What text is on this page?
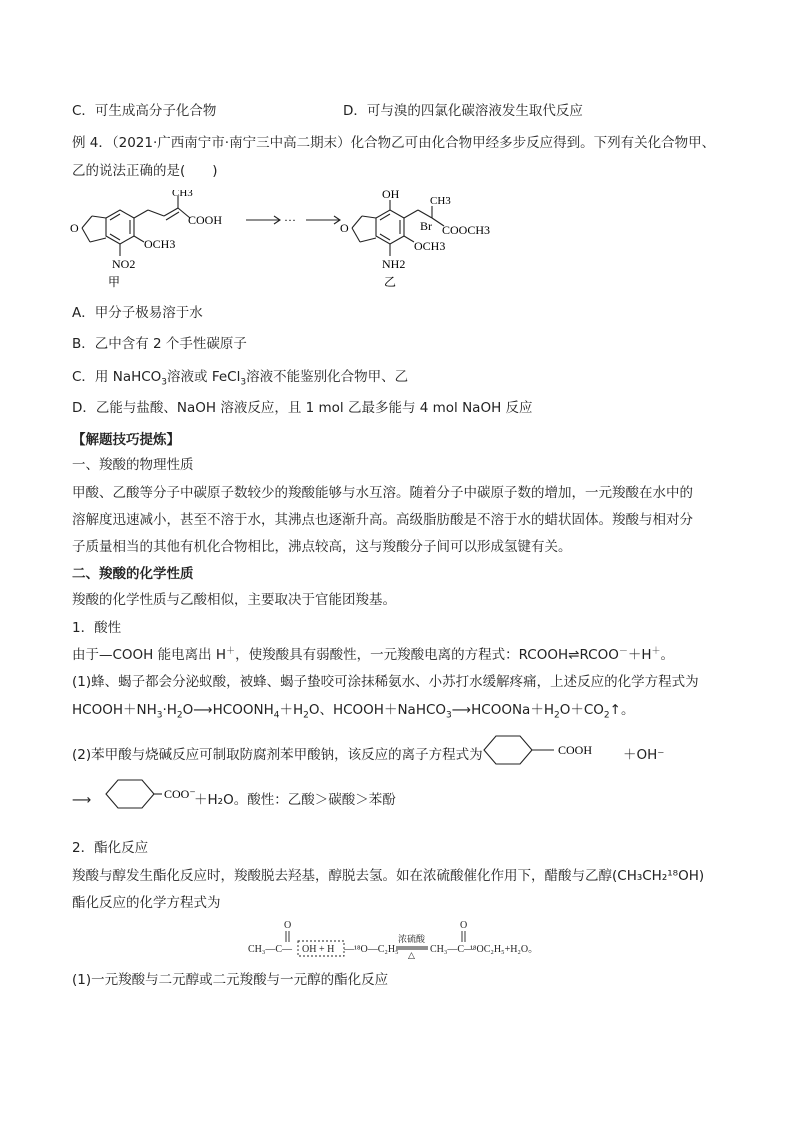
C．可生成高分子化合物	D．可与溴的四氯化碳溶液发生取代反应
例 4．（2021·广西南宁市·南宁三中高二期末）化合物乙可由化合物甲经多步反应得到。下列有关化合物甲、
乙的说法正确的是(　　)
O
CH3
COOH
OCH3
NO2
甲
···
O
OH	CH3
Br COOCH3
OCH3
NH2
乙
A．甲分子极易溶于水
B．乙中含有 2 个手性碳原子
C．用 NaHCO$_3$溶液或 FeCl$_3$溶液不能鉴别化合物甲、乙
D．乙能与盐酸、NaOH 溶液反应，且 1 mol 乙最多能与 4 mol NaOH 反应
【解题技巧提炼】
一、羧酸的物理性质
甲酸、乙酸等分子中碳原子数较少的羧酸能够与水互溶。随着分子中碳原子数的增加，一元羧酸在水中的
溶解度迅速减小，甚至不溶于水，其沸点也逐渐升高。高级脂肪酸是不溶于水的蜡状固体。羧酸与相对分
子质量相当的其他有机化合物相比，沸点较高，这与羧酸分子间可以形成氢键有关。
二、羧酸的化学性质
羧酸的化学性质与乙酸相似，主要取决于官能团羧基。
1．酸性
由于—COOH 能电离出 H＋，使羧酸具有弱酸性，一元羧酸电离的方程式：RCOOH⇌RCOO－＋H＋。
(1)蜂、蝎子都会分泌蚁酸，被蜂、蝎子蛰咬可涂抹稀氨水、小苏打水缓解疼痛，上述反应的化学方程式为
$HCOOH+NH_3\cdot H_2O⟶HCOONH_4+H_2O$、$HCOOH+NaHCO_3⟶HCOONa+H_2O+CO_2↑$。
(2)苯甲酸与烧碱反应可制取防腐剂苯甲酸钠，该反应的离子方程式为	COOH ＋OH⁻
⟶	COO⁻
＋H₂O。酸性：乙酸＞碳酸＞苯酚
2．酯化反应
羧酸与醇发生酯化反应时，羧酸脱去羟基，醇脱去氢。如在浓硫酸催化作用下，醋酸与乙醇(CH₃CH₂¹⁸OH)
酯化反应的化学方程式为
CH₃—C—
O
OH + H —¹⁸O—C₂H₅
浓硫酸
△ CH₃—C—
O
¹⁸OC₂H₅+H₂O。
(1)一元羧酸与二元醇或二元羧酸与一元醇的酯化反应
